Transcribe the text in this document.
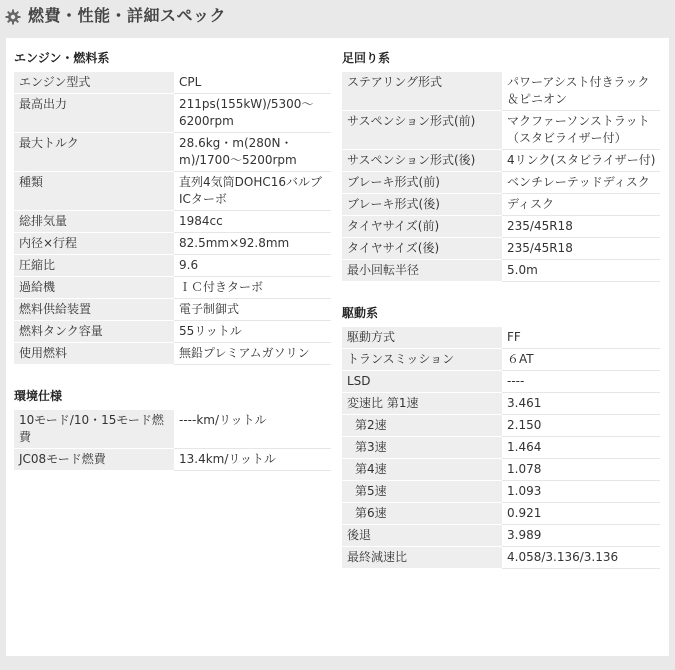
燃費・性能・詳細スペック
エンジン・燃料系
エンジン型式	CPL
最高出力	211ps(155kW)/5300〜6200rpm
最大トルク	28.6kg・m(280N・m)/1700〜5200rpm
種類	直列4気筒DOHC16バルブICターボ
総排気量	1984cc
内径×行程	82.5mm×92.8mm
圧縮比	9.6
過給機	ＩＣ付きターボ
燃料供給装置	電子制御式
燃料タンク容量	55リットル
使用燃料	無鉛プレミアムガソリン
環境仕様
10モード/10・15モード燃費	----km/リットル
JC08モード燃費	13.4km/リットル
足回り系
ステアリング形式	パワーアシスト付きラック＆ピニオン
サスペンション形式(前)	マクファーソンストラット（スタビライザー付）
サスペンション形式(後)	4リンク(スタビライザー付)
ブレーキ形式(前)	ベンチレーテッドディスク
ブレーキ形式(後)	ディスク
タイヤサイズ(前)	235/45R18
タイヤサイズ(後)	235/45R18
最小回転半径	5.0m
駆動系
駆動方式	FF
トランスミッション	６AT
LSD	----
変速比 第1速	3.461
第2速	2.150
第3速	1.464
第4速	1.078
第5速	1.093
第6速	0.921
後退	3.989
最終減速比	4.058/3.136/3.136
